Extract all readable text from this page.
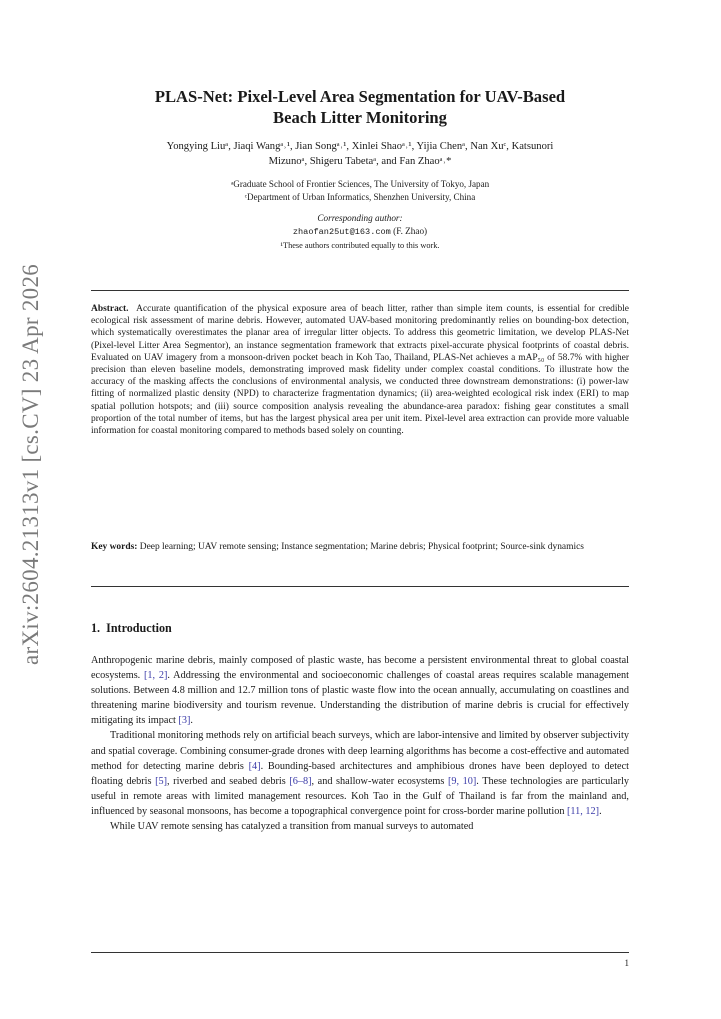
arXiv:2604.21313v1 [cs.CV] 23 Apr 2026
PLAS-Net: Pixel-Level Area Segmentation for UAV-Based
Beach Litter Monitoring
Yongying Liuᵃ, Jiaqi Wangᵃ˒¹, Jian Songᵃ˒¹, Xinlei Shaoᵃ˒¹, Yijia Chenᵃ, Nan Xuᶜ, Katsunori
Mizunoᵃ, Shigeru Tabetaᵃ, and Fan Zhaoᵃ˒*
ᵃGraduate School of Frontier Sciences, The University of Tokyo, Japan
ᶜDepartment of Urban Informatics, Shenzhen University, China
Corresponding author:
zhaofan25ut@163.com (F. Zhao)
¹These authors contributed equally to this work.
Abstract. Accurate quantification of the physical exposure area of beach litter, rather than simple item counts, is essential for credible ecological risk assessment of marine debris. However, automated UAV-based monitoring predominantly relies on bounding-box detection, which systematically overestimates the planar area of irregular litter objects. To address this geometric limitation, we develop PLAS-Net (Pixel-level Litter Area Segmentor), an instance segmentation framework that extracts pixel-accurate physical footprints of coastal debris. Evaluated on UAV imagery from a monsoon-driven pocket beach in Koh Tao, Thailand, PLAS-Net achieves a mAP₅₀ of 58.7% with higher precision than eleven baseline models, demonstrating improved mask fidelity under complex coastal conditions. To illustrate how the accuracy of the masking affects the conclusions of environmental analysis, we conducted three downstream demonstrations: (i) power-law fitting of normalized plastic density (NPD) to characterize fragmentation dynamics; (ii) area-weighted ecological risk index (ERI) to map spatial pollution hotspots; and (iii) source composition analysis revealing the abundance-area paradox: fishing gear constitutes a small proportion of the total number of items, but has the largest physical area per unit item. Pixel-level area extraction can provide more valuable information for coastal monitoring compared to methods based solely on counting.
Key words: Deep learning; UAV remote sensing; Instance segmentation; Marine debris; Physical footprint; Source-sink dynamics
1. Introduction

Anthropogenic marine debris, mainly composed of plastic waste, has become a persistent environmental threat to global coastal ecosystems. [1, 2]. Addressing the environmental and socioeconomic challenges of coastal areas requires scalable management solutions. Between 4.8 million and 12.7 million tons of plastic waste flow into the ocean annually, accumulating on coastlines and threatening marine biodiversity and tourism revenue. Understanding the distribution of marine debris is crucial for effectively mitigating its impact [3].

Traditional monitoring methods rely on artificial beach surveys, which are labor-intensive and limited by observer subjectivity and spatial coverage. Combining consumer-grade drones with deep learning algorithms has become a cost-effective and automated method for detecting marine debris [4]. Bounding-based architectures and amphibious drones have been deployed to detect floating debris [5], riverbed and seabed debris [6–8], and shallow-water ecosystems [9, 10]. These technologies are particularly useful in remote areas with limited management resources. Koh Tao in the Gulf of Thailand is far from the mainland and, influenced by seasonal monsoons, has become a topographical convergence point for cross-border marine pollution [11, 12].

While UAV remote sensing has catalyzed a transition from manual surveys to automated

1
